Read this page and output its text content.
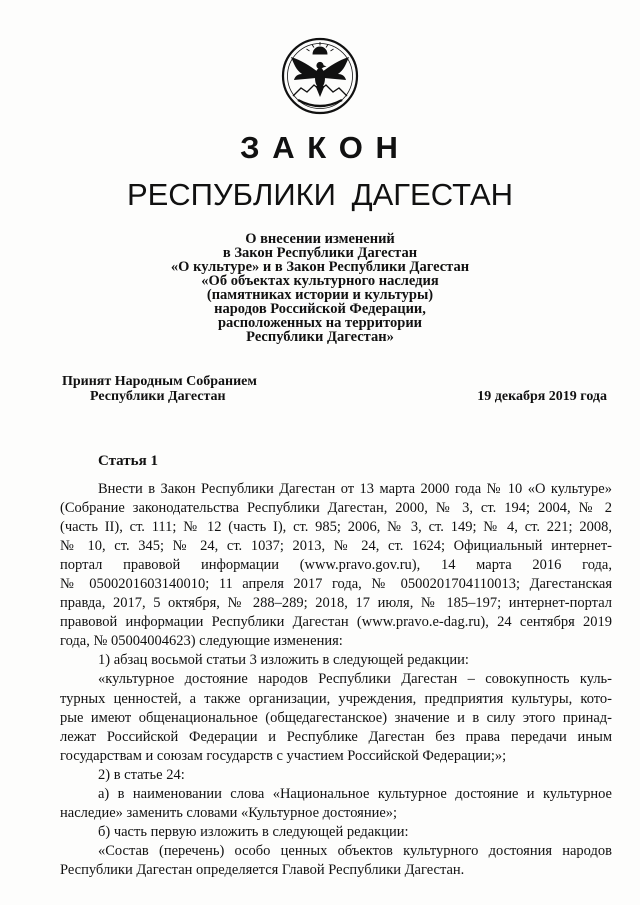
З А К О Н
РЕСПУБЛИКИ ДАГЕСТАН
О внесении изменений
в Закон Республики Дагестан
«О культуре» и в Закон Республики Дагестан
«Об объектах культурного наследия
(памятниках истории и культуры)
народов Российской Федерации,
расположенных на территории
Республики Дагестан»
Принят Народным Собранием
Республики Дагестан	19 декабря 2019 года
Статья 1
Внести в Закон Республики Дагестан от 13 марта 2000 года № 10 «О культуре»
(Собрание законодательства Республики Дагестан, 2000, № 3, ст. 194; 2004, № 2
(часть II), ст. 111; № 12 (часть I), ст. 985; 2006, № 3, ст. 149; № 4, ст. 221; 2008,
№ 10, ст. 345; № 24, ст. 1037; 2013, № 24, ст. 1624; Официальный интернет-
портал правовой информации (www.pravo.gov.ru), 14 марта 2016 года,
№ 0500201603140010; 11 апреля 2017 года, № 0500201704110013; Дагестанская
правда, 2017, 5 октября, № 288–289; 2018, 17 июля, № 185–197; интернет-портал
правовой информации Республики Дагестан (www.pravo.e-dag.ru), 24 сентября 2019
года, № 05004004623) следующие изменения:
1) абзац восьмой статьи 3 изложить в следующей редакции:
«культурное достояние народов Республики Дагестан – совокупность куль-
турных ценностей, а также организации, учреждения, предприятия культуры, кото-
рые имеют общенациональное (общедагестанское) значение и в силу этого принад-
лежат Российской Федерации и Республике Дагестан без права передачи иным
государствам и союзам государств с участием Российской Федерации;»;
2) в статье 24:
а) в наименовании слова «Национальное культурное достояние и культурное
наследие» заменить словами «Культурное достояние»;
б) часть первую изложить в следующей редакции:
«Состав (перечень) особо ценных объектов культурного достояния народов
Республики Дагестан определяется Главой Республики Дагестан.
